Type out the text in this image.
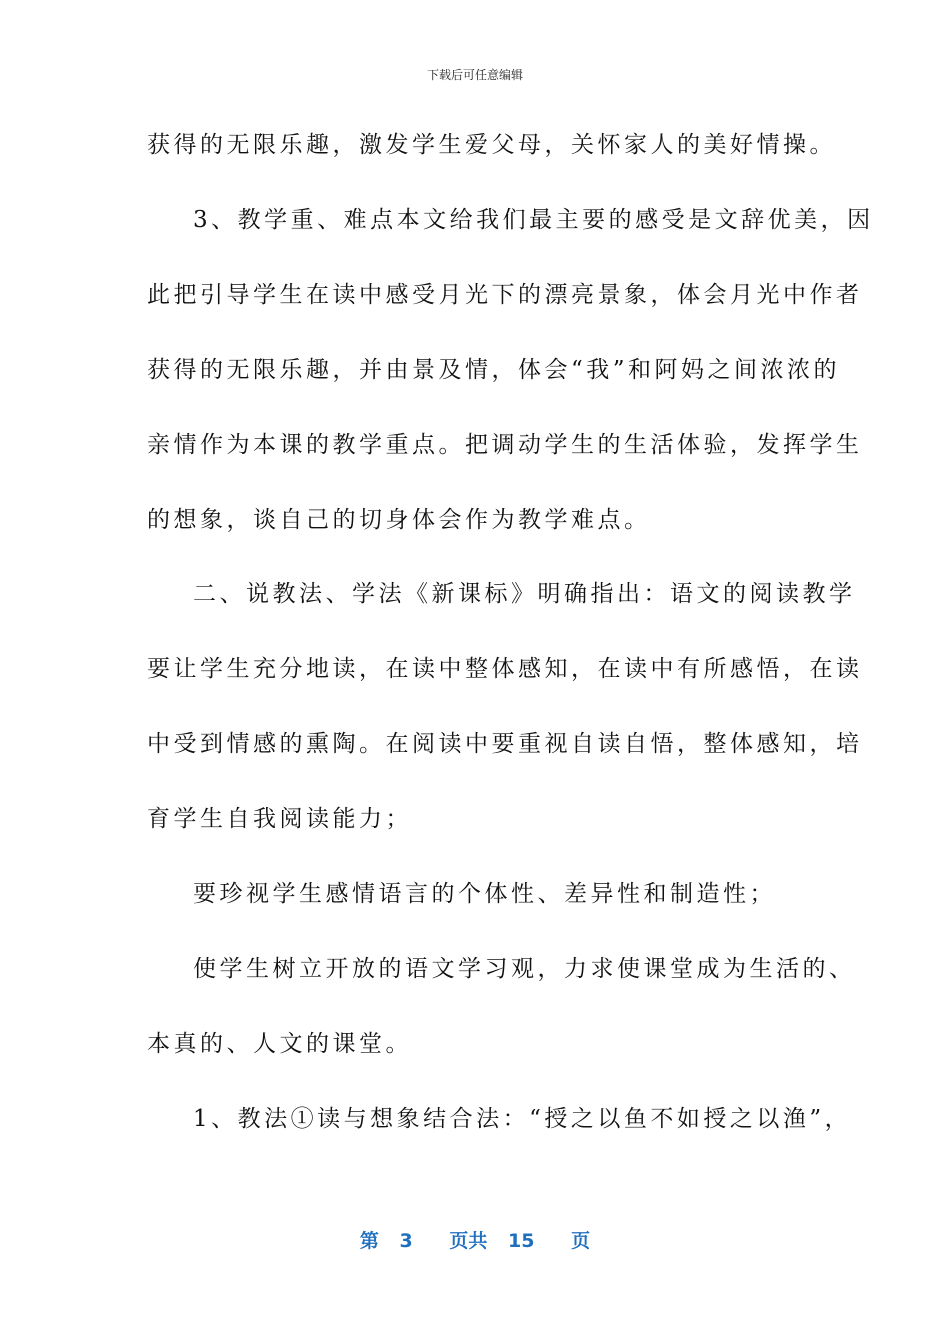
下载后可任意编辑
获得的无限乐趣，激发学生爱父母，关怀家人的美好情操。
3、教学重、难点本文给我们最主要的感受是文辞优美，因
此把引导学生在读中感受月光下的漂亮景象，体会月光中作者
获得的无限乐趣，并由景及情，体会“我”和阿妈之间浓浓的
亲情作为本课的教学重点。把调动学生的生活体验，发挥学生
的想象，谈自己的切身体会作为教学难点。
二、说教法、学法《新课标》明确指出：语文的阅读教学
要让学生充分地读，在读中整体感知，在读中有所感悟，在读
中受到情感的熏陶。在阅读中要重视自读自悟，整体感知，培
育学生自我阅读能力；
要珍视学生感情语言的个体性、差异性和制造性；
使学生树立开放的语文学习观，力求使课堂成为生活的、
本真的、人文的课堂。
1、教法①读与想象结合法：“授之以鱼不如授之以渔”，
第 3 页共 15 页
